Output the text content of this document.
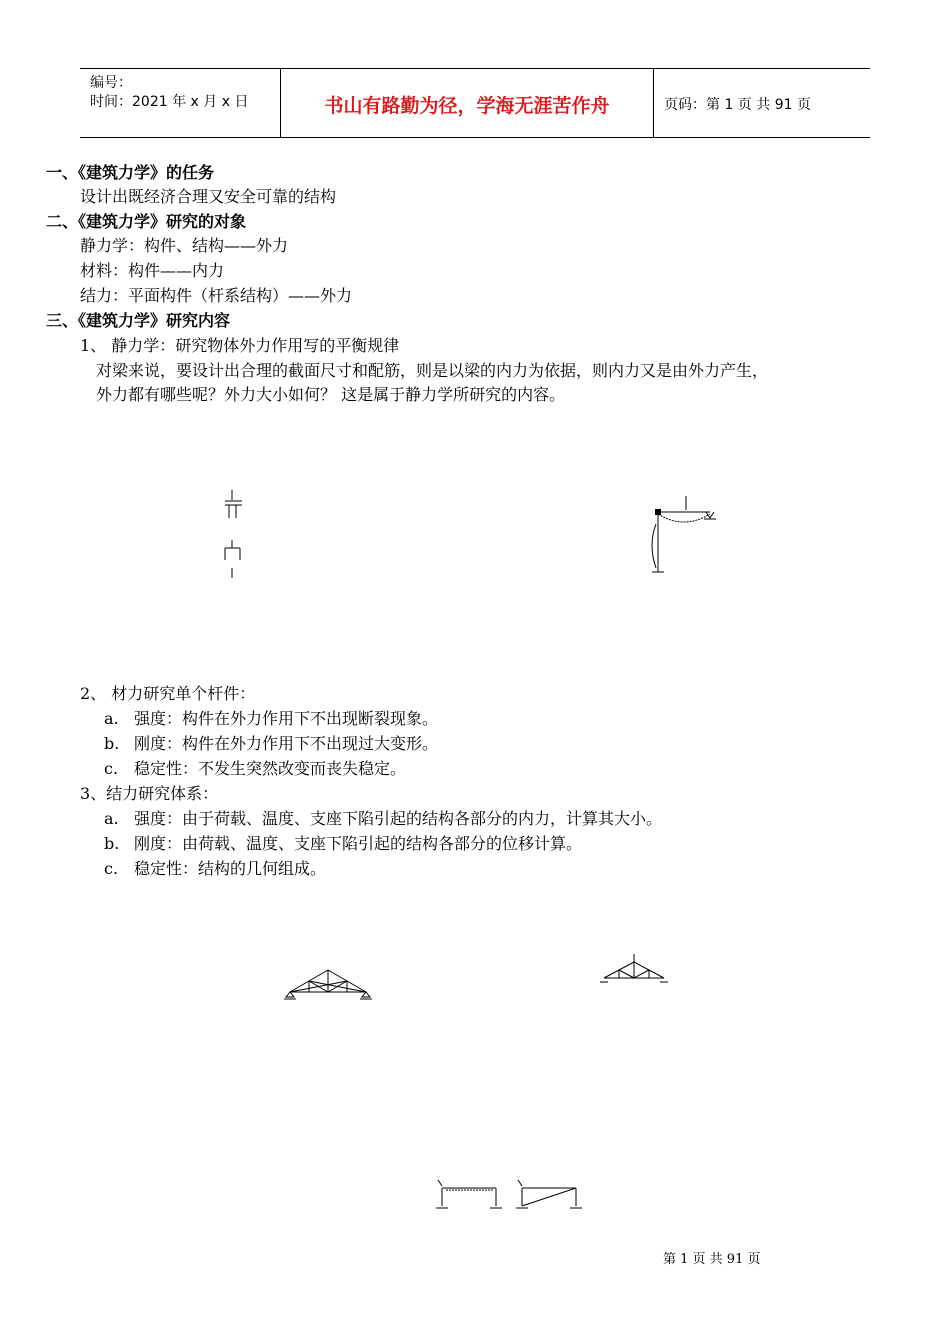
编号：
时间：2021 年 x 月 x 日	书山有路勤为径，学海无涯苦作舟	页码：第 1 页 共 91 页
一、《建筑力学》的任务
设计出既经济合理又安全可靠的结构
二、《建筑力学》研究的对象
静力学：构件、结构——外力
材料：构件——内力
结力：平面构件（杆系结构）——外力
三、《建筑力学》研究内容
1、 静力学：研究物体外力作用写的平衡规律
对梁来说，要设计出合理的截面尺寸和配筋，则是以梁的内力为依据，则内力又是由外力产生，
外力都有哪些呢？外力大小如何？ 这是属于静力学所研究的内容。
2、 材力研究单个杆件：
a. 强度：构件在外力作用下不出现断裂现象。
b. 刚度：构件在外力作用下不出现过大变形。
c. 稳定性：不发生突然改变而丧失稳定。
3、结力研究体系：
a. 强度：由于荷载、温度、支座下陷引起的结构各部分的内力，计算其大小。
b. 刚度：由荷载、温度、支座下陷引起的结构各部分的位移计算。
c. 稳定性：结构的几何组成。
第 1 页 共 91 页
